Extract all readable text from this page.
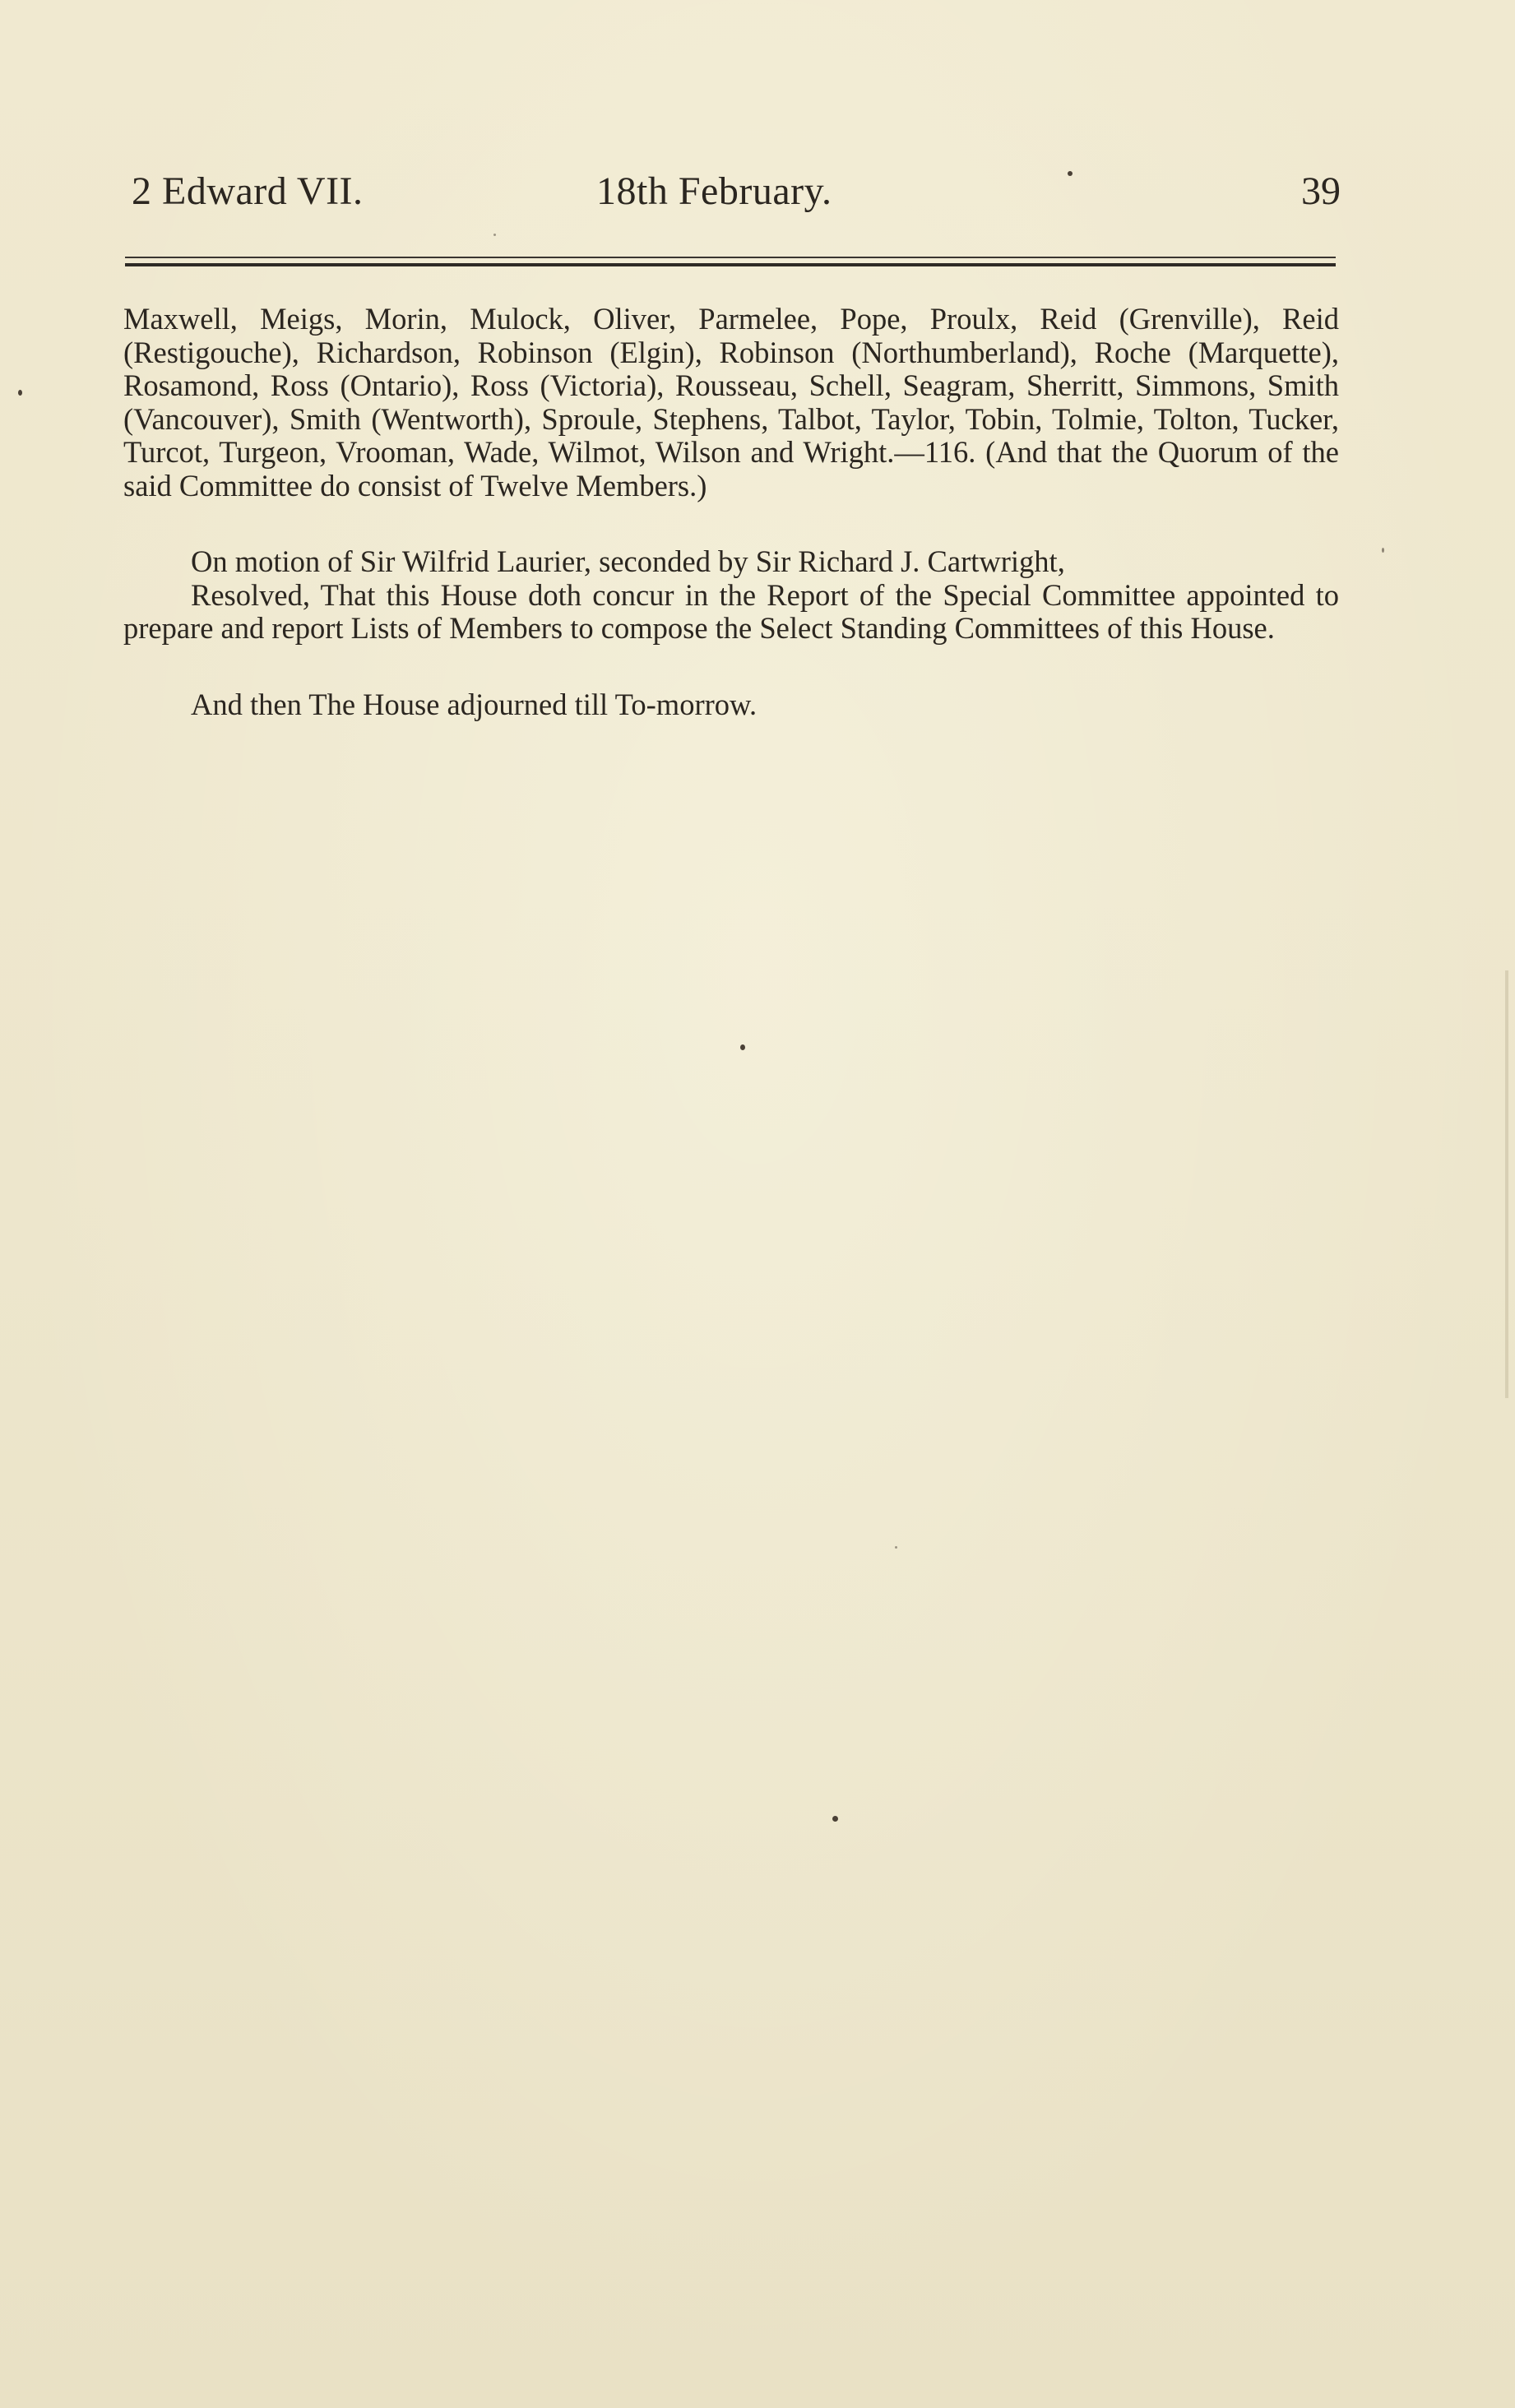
2 Edward VII.	18th February.	39

Maxwell, Meigs, Morin, Mulock, Oliver, Parmelee, Pope, Proulx, Reid (Grenville), Reid (Restigouche), Richardson, Robinson (Elgin), Robinson (Northumberland), Roche (Marquette), Rosamond, Ross (Ontario), Ross (Victoria), Rousseau, Schell, Seagram, Sherritt, Simmons, Smith (Vancouver), Smith (Wentworth), Sproule, Stephens, Talbot, Taylor, Tobin, Tolmie, Tolton, Tucker, Turcot, Turgeon, Vrooman, Wade, Wilmot, Wilson and Wright.—116. (And that the Quorum of the said Committee do consist of Twelve Members.)

On motion of Sir Wilfrid Laurier, seconded by Sir Richard J. Cartwright,

Resolved, That this House doth concur in the Report of the Special Committee appointed to prepare and report Lists of Members to compose the Select Standing Committees of this House.

And then The House adjourned till To-morrow.
